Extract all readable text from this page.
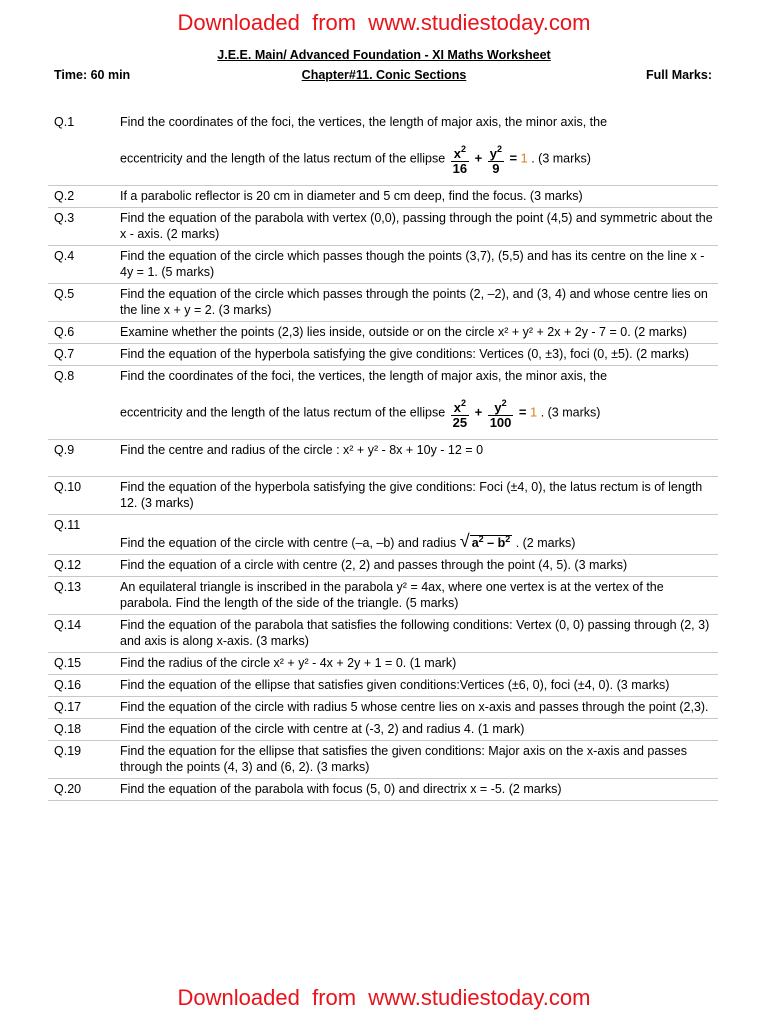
Downloaded  from  www.studiestoday.com
J.E.E. Main/ Advanced Foundation - XI Maths Worksheet
Time: 60 min	Chapter#11. Conic Sections	Full Marks:
Q.1	Find the coordinates of the foci, the vertices, the length of major axis, the minor axis, the
eccentricity and the length of the latus rectum of the ellipse $\frac{x^2}{16} + \frac{y^2}{9} = 1$ . (3 marks)
Q.2	If a parabolic reflector is 20 cm in diameter and 5 cm deep, find the focus. (3 marks)
Q.3	Find the equation of the parabola with vertex (0,0), passing through the point (4,5) and symmetric about the x - axis. (2 marks)
Q.4	Find the equation of the circle which passes though the points (3,7), (5,5) and has its centre on the line x - 4y = 1. (5 marks)
Q.5	Find the equation of the circle which passes through the points (2, –2), and (3, 4) and whose centre lies on the line x + y = 2. (3 marks)
Q.6	Examine whether the points (2,3) lies inside, outside or on the circle x² + y² + 2x + 2y - 7 = 0. (2 marks)
Q.7	Find the equation of the hyperbola satisfying the give conditions: Vertices (0, ±3), foci (0, ±5). (2 marks)
Q.8	Find the coordinates of the foci, the vertices, the length of major axis, the minor axis, the
eccentricity and the length of the latus rectum of the ellipse $\frac{x^2}{25} + \frac{y^2}{100} = 1$ . (3 marks)
Q.9	Find the centre and radius of the circle : x² + y² - 8x + 10y - 12 = 0
Q.10	Find the equation of the hyperbola satisfying the give conditions: Foci (±4, 0), the latus rectum is of length 12. (3 marks)
Q.11
Find the equation of the circle with centre (–a, –b) and radius √ $a^2 - b^2$ . (2 marks)
Q.12	Find the equation of a circle with centre (2, 2) and passes through the point (4, 5). (3 marks)
Q.13	An equilateral triangle is inscribed in the parabola y² = 4ax, where one vertex is at the vertex of the parabola. Find the length of the side of the triangle. (5 marks)
Q.14	Find the equation of the parabola that satisfies the following conditions: Vertex (0, 0) passing through (2, 3) and axis is along x-axis. (3 marks)
Q.15	Find the radius of the circle x² + y² - 4x + 2y + 1 = 0. (1 mark)
Q.16	Find the equation of the ellipse that satisfies given conditions:Vertices (±6, 0), foci (±4, 0). (3 marks)
Q.17	Find the equation of the circle with radius 5 whose centre lies on x-axis and passes through the point (2,3).
Q.18	Find the equation of the circle with centre at (-3, 2) and radius 4. (1 mark)
Q.19	Find the equation for the ellipse that satisfies the given conditions: Major axis on the x-axis and passes through the points (4, 3) and (6, 2). (3 marks)
Q.20	Find the equation of the parabola with focus (5, 0) and directrix x = -5. (2 marks)
Downloaded  from  www.studiestoday.com
